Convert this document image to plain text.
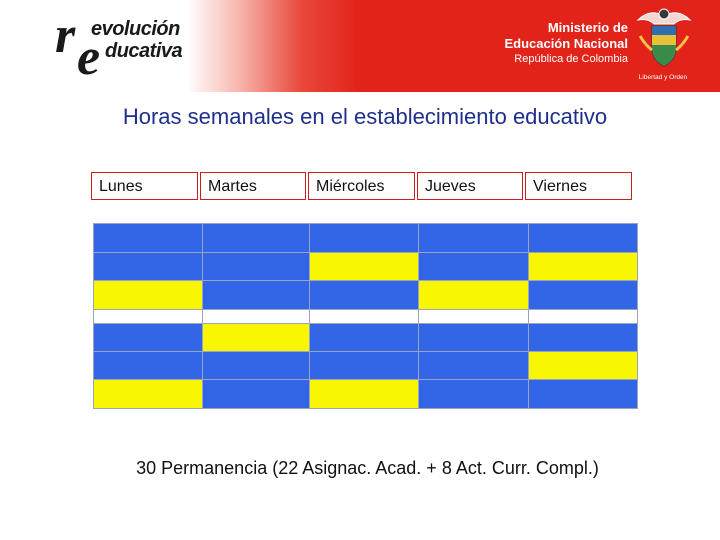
r e
evolución
ducativa
Ministerio de
Educación Nacional
República de Colombia
Libertad y Orden
Horas semanales en el establecimiento educativo
Lunes	Martes	Miércoles	Jueves	Viernes
30 Permanencia (22 Asignac. Acad. + 8 Act. Curr. Compl.)
